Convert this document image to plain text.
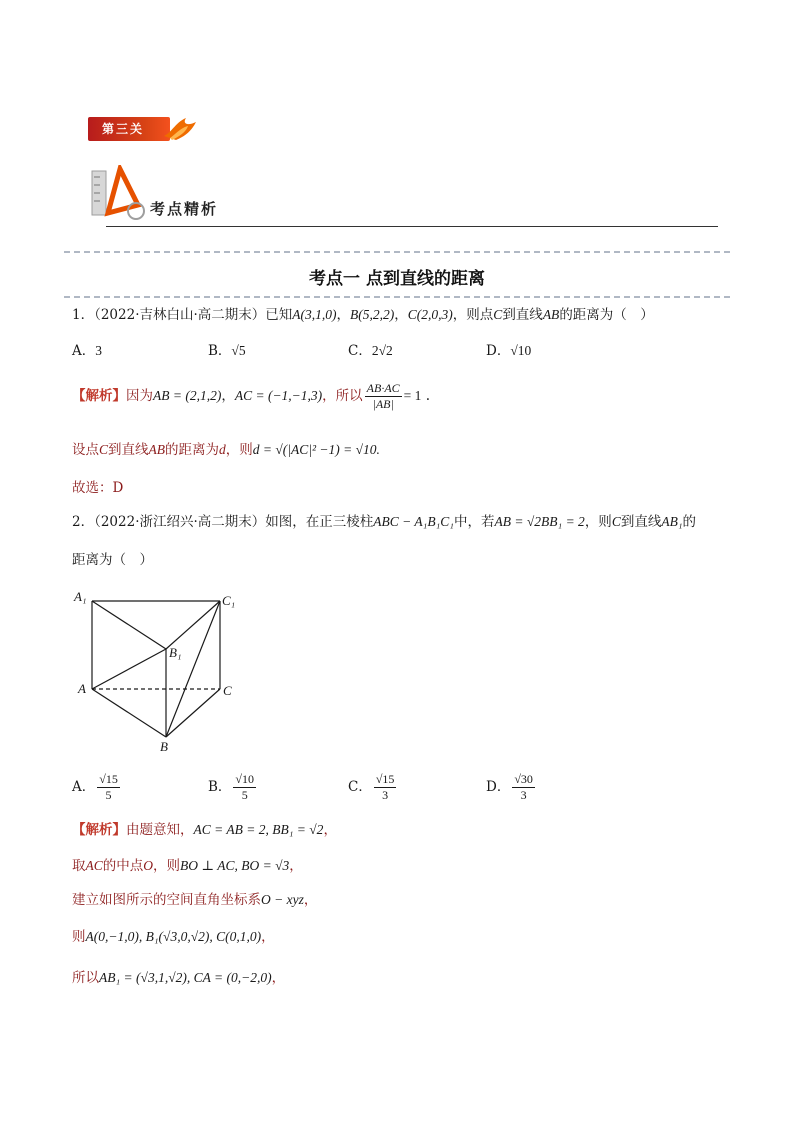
第三关
考点精析
考点一 点到直线的距离
1．（2022·吉林白山·高二期末）已知A(3,1,0)，B(5,2,2)，C(2,0,3)，则点C到直线AB的距离为（　）
A．3	B．√5	C．2√2	D．√10
【解析】因为AB = (2,1,2)，AC = (−1,−1,3)，所以 $\frac{AB\cdot AC}{|AB|} = 1$ .
设点C到直线AB的距离为d，则d = √(|AC|² −1) = √10.
故选：D
2．（2022·浙江绍兴·高二期末）如图，在正三棱柱ABC − A₁B₁C₁中，若AB = √2BB₁ = 2，则C到直线AB₁的
距离为（　）
A₁	C₁
B₁
A	C
B
A． $\frac{√15}{5}$	B． $\frac{√10}{5}$	C． $\frac{√15}{3}$	D． $\frac{√30}{3}$
【解析】由题意知，AC = AB = 2, BB₁ = √2，
取AC的中点O，则BO ⊥ AC, BO = √3，
建立如图所示的空间直角坐标系O − xyz，
则A(0,−1,0), B₁(√3,0,√2), C(0,1,0)，
所以AB₁ = (√3,1,√2), CA = (0,−2,0)，
